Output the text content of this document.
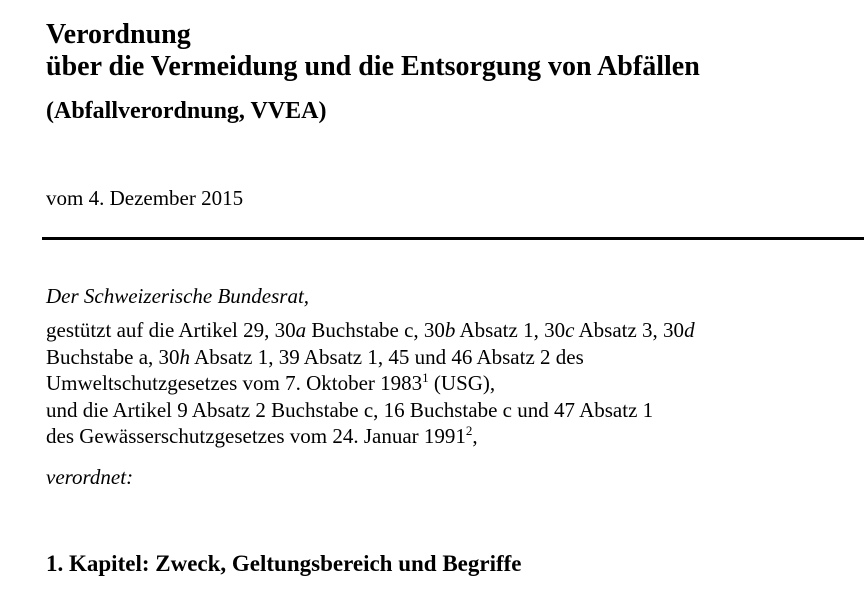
Verordnung
über die Vermeidung und die Entsorgung von Abfällen
(Abfallverordnung, VVEA)
vom 4. Dezember 2015
Der Schweizerische Bundesrat,
gestützt auf die Artikel 29, 30a Buchstabe c, 30b Absatz 1, 30c Absatz 3, 30d
Buchstabe a, 30h Absatz 1, 39 Absatz 1, 45 und 46 Absatz 2 des
Umweltschutzgesetzes vom 7. Oktober 1983$^1$ (USG),
und die Artikel 9 Absatz 2 Buchstabe c, 16 Buchstabe c und 47 Absatz 1
des Gewässerschutzgesetzes vom 24. Januar 1991$^2$,
verordnet:
1. Kapitel: Zweck, Geltungsbereich und Begriffe
